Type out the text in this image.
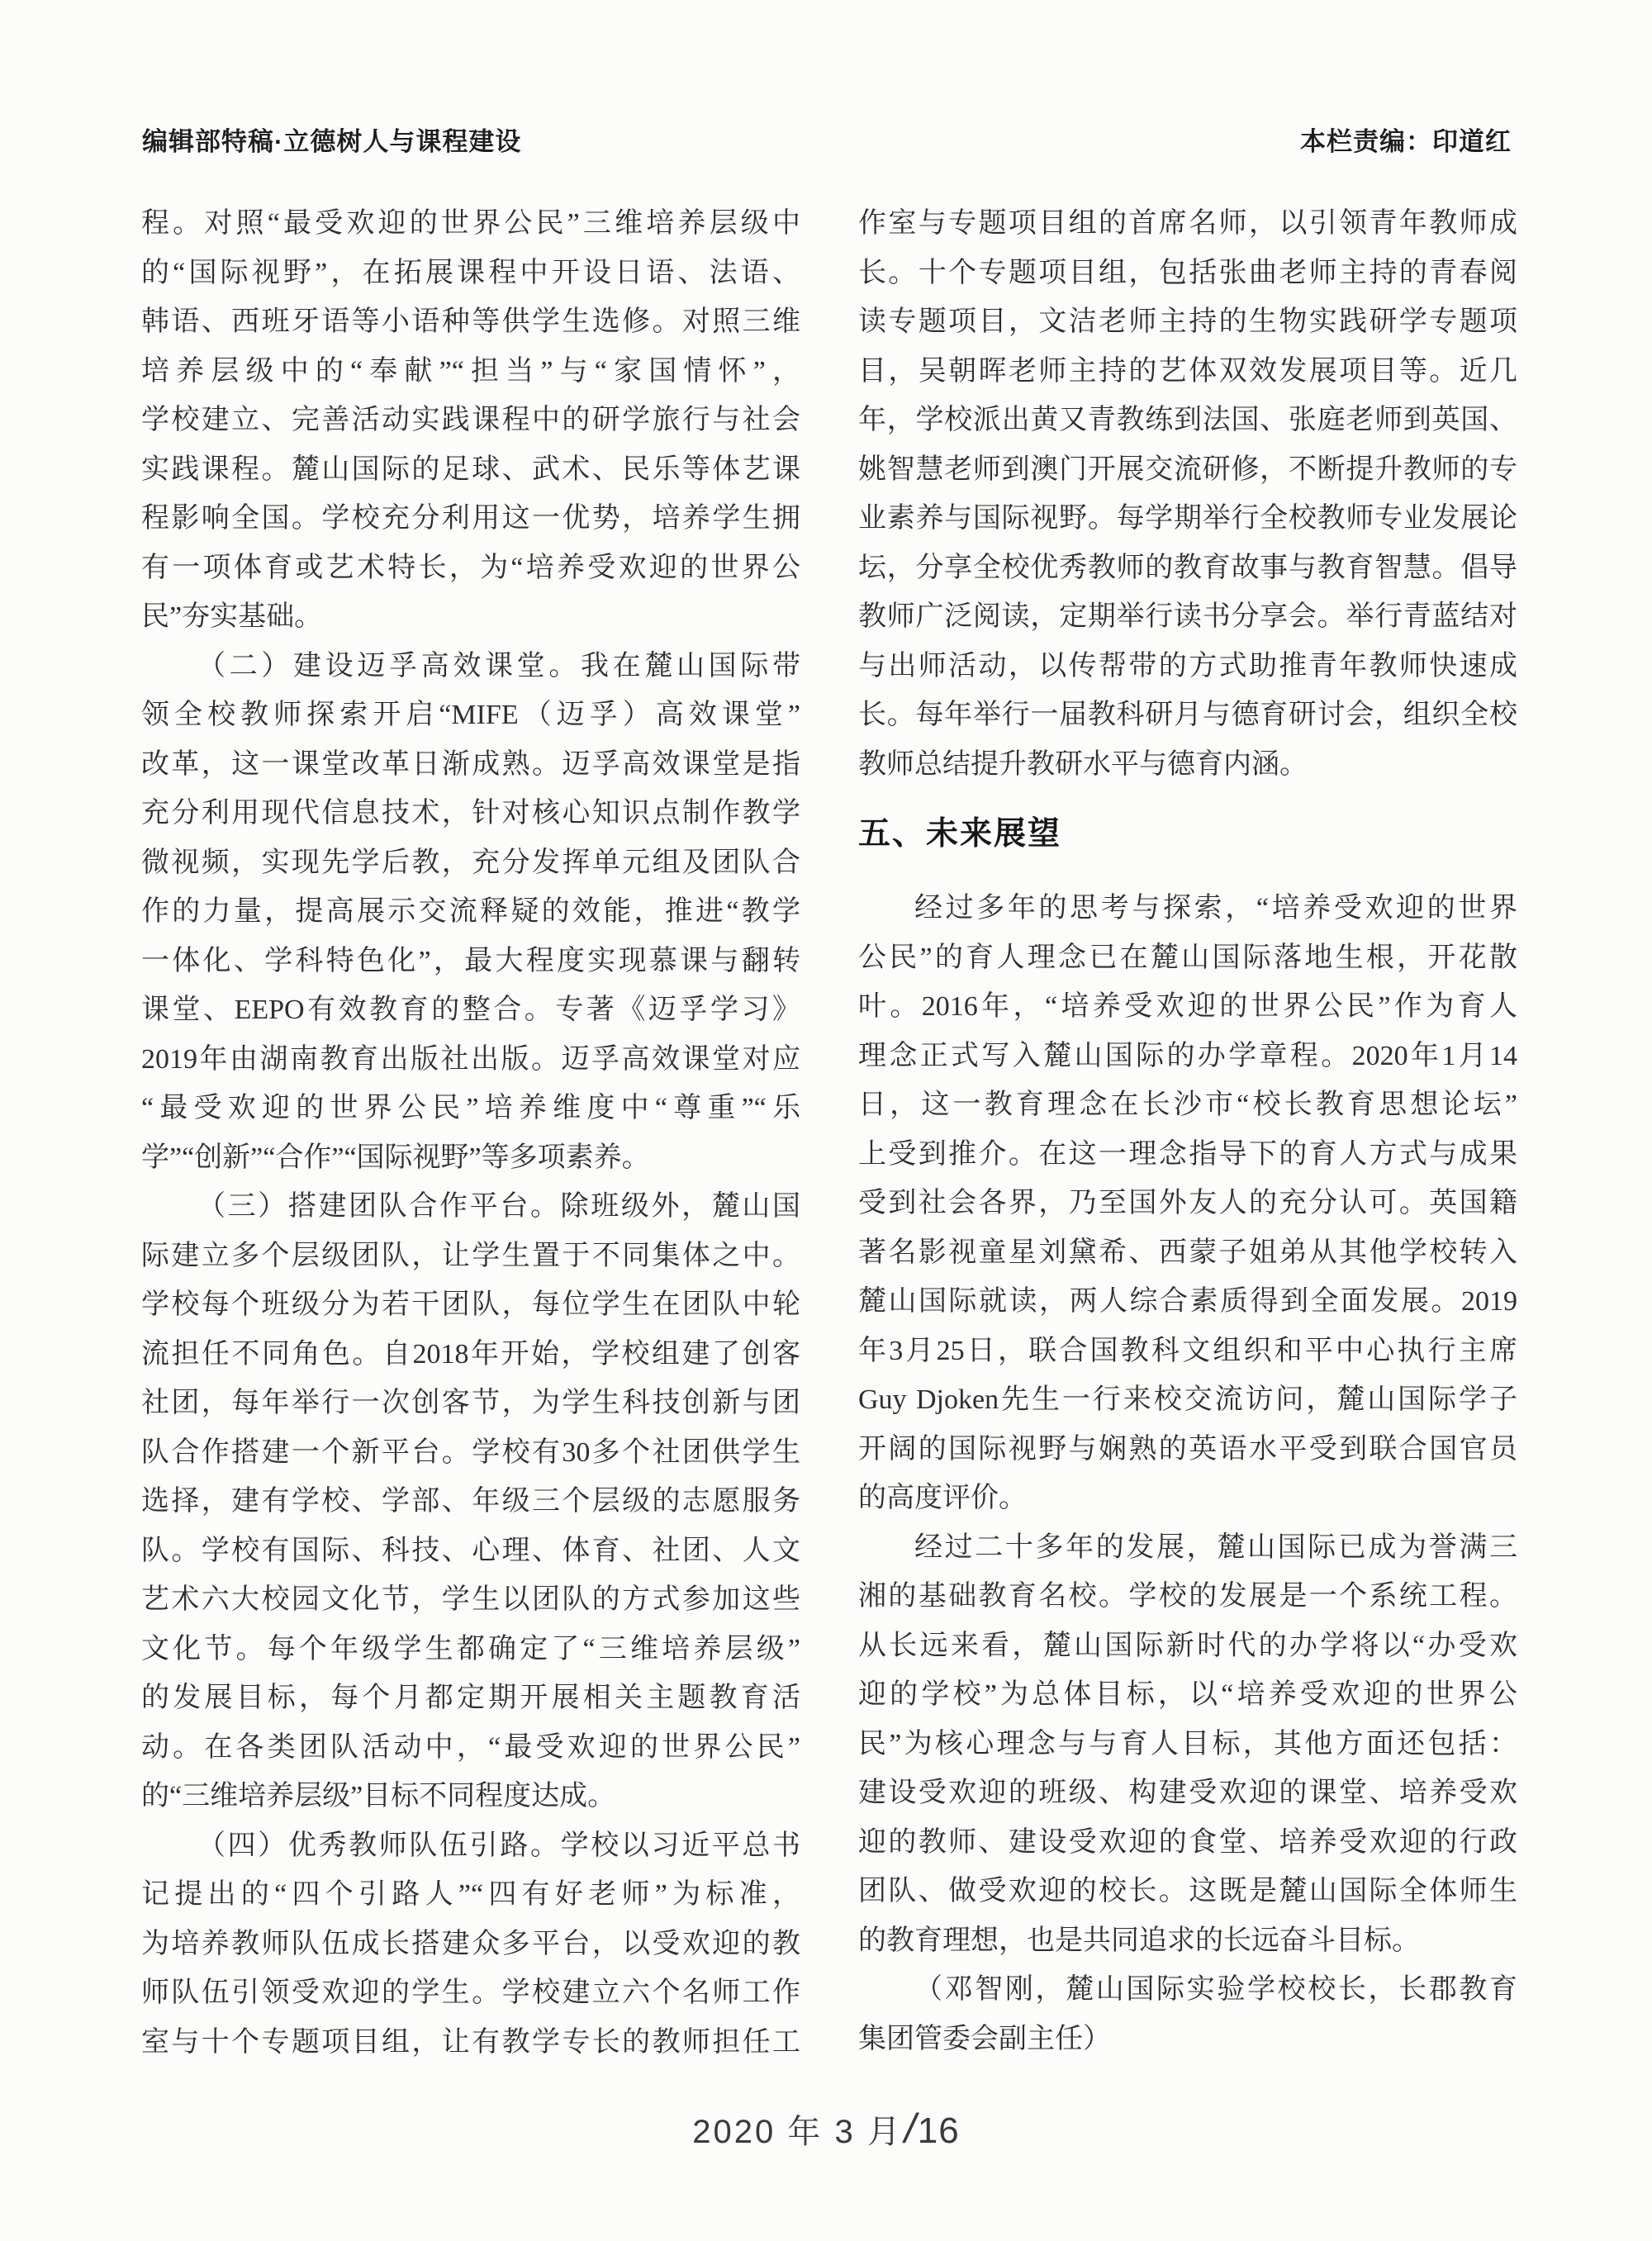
编辑部特稿·立德树人与课程建设	本栏责编：印道红

程。对照“最受欢迎的世界公民”三维培养层级中

的“国际视野”，在拓展课程中开设日语、法语、

韩语、西班牙语等小语种等供学生选修。对照三维

培养层级中的“奉献”“担当”与“家国情怀”，

学校建立、完善活动实践课程中的研学旅行与社会

实践课程。麓山国际的足球、武术、民乐等体艺课

程影响全国。学校充分利用这一优势，培养学生拥

有一项体育或艺术特长，为“培养受欢迎的世界公

民”夯实基础。

（二）建设迈孚高效课堂。我在麓山国际带

领全校教师探索开启“MIFE（迈孚）高效课堂”

改革，这一课堂改革日渐成熟。迈孚高效课堂是指

充分利用现代信息技术，针对核心知识点制作教学

微视频，实现先学后教，充分发挥单元组及团队合

作的力量，提高展示交流释疑的效能，推进“教学

一体化、学科特色化”，最大程度实现慕课与翻转

课堂、EEPO有效教育的整合。专著《迈孚学习》

2019年由湖南教育出版社出版。迈孚高效课堂对应

“最受欢迎的世界公民”培养维度中“尊重”“乐

学”“创新”“合作”“国际视野”等多项素养。

（三）搭建团队合作平台。除班级外，麓山国

际建立多个层级团队，让学生置于不同集体之中。

学校每个班级分为若干团队，每位学生在团队中轮

流担任不同角色。自2018年开始，学校组建了创客

社团，每年举行一次创客节，为学生科技创新与团

队合作搭建一个新平台。学校有30多个社团供学生

选择，建有学校、学部、年级三个层级的志愿服务

队。学校有国际、科技、心理、体育、社团、人文

艺术六大校园文化节，学生以团队的方式参加这些

文化节。每个年级学生都确定了“三维培养层级”

的发展目标，每个月都定期开展相关主题教育活

动。在各类团队活动中，“最受欢迎的世界公民”

的“三维培养层级”目标不同程度达成。

（四）优秀教师队伍引路。学校以习近平总书

记提出的“四个引路人”“四有好老师”为标准，

为培养教师队伍成长搭建众多平台，以受欢迎的教

师队伍引领受欢迎的学生。学校建立六个名师工作

室与十个专题项目组，让有教学专长的教师担任工

作室与专题项目组的首席名师，以引领青年教师成

长。十个专题项目组，包括张曲老师主持的青春阅

读专题项目，文洁老师主持的生物实践研学专题项

目，吴朝晖老师主持的艺体双效发展项目等。近几

年，学校派出黄又青教练到法国、张庭老师到英国、

姚智慧老师到澳门开展交流研修，不断提升教师的专

业素养与国际视野。每学期举行全校教师专业发展论

坛，分享全校优秀教师的教育故事与教育智慧。倡导

教师广泛阅读，定期举行读书分享会。举行青蓝结对

与出师活动，以传帮带的方式助推青年教师快速成

长。每年举行一届教科研月与德育研讨会，组织全校

教师总结提升教研水平与德育内涵。

五、未来展望

经过多年的思考与探索，“培养受欢迎的世界

公民”的育人理念已在麓山国际落地生根，开花散

叶。2016年，“培养受欢迎的世界公民”作为育人

理念正式写入麓山国际的办学章程。2020年1月14

日，这一教育理念在长沙市“校长教育思想论坛”

上受到推介。在这一理念指导下的育人方式与成果

受到社会各界，乃至国外友人的充分认可。英国籍

著名影视童星刘黛希、西蒙子姐弟从其他学校转入

麓山国际就读，两人综合素质得到全面发展。2019

年3月25日，联合国教科文组织和平中心执行主席

Guy Djoken先生一行来校交流访问，麓山国际学子

开阔的国际视野与娴熟的英语水平受到联合国官员

的高度评价。

经过二十多年的发展，麓山国际已成为誉满三

湘的基础教育名校。学校的发展是一个系统工程。

从长远来看，麓山国际新时代的办学将以“办受欢

迎的学校”为总体目标，以“培养受欢迎的世界公

民”为核心理念与与育人目标，其他方面还包括：

建设受欢迎的班级、构建受欢迎的课堂、培养受欢

迎的教师、建设受欢迎的食堂、培养受欢迎的行政

团队、做受欢迎的校长。这既是麓山国际全体师生

的教育理想，也是共同追求的长远奋斗目标。

（邓智刚，麓山国际实验学校校长，长郡教育

集团管委会副主任）

2020 年 3 月/16
